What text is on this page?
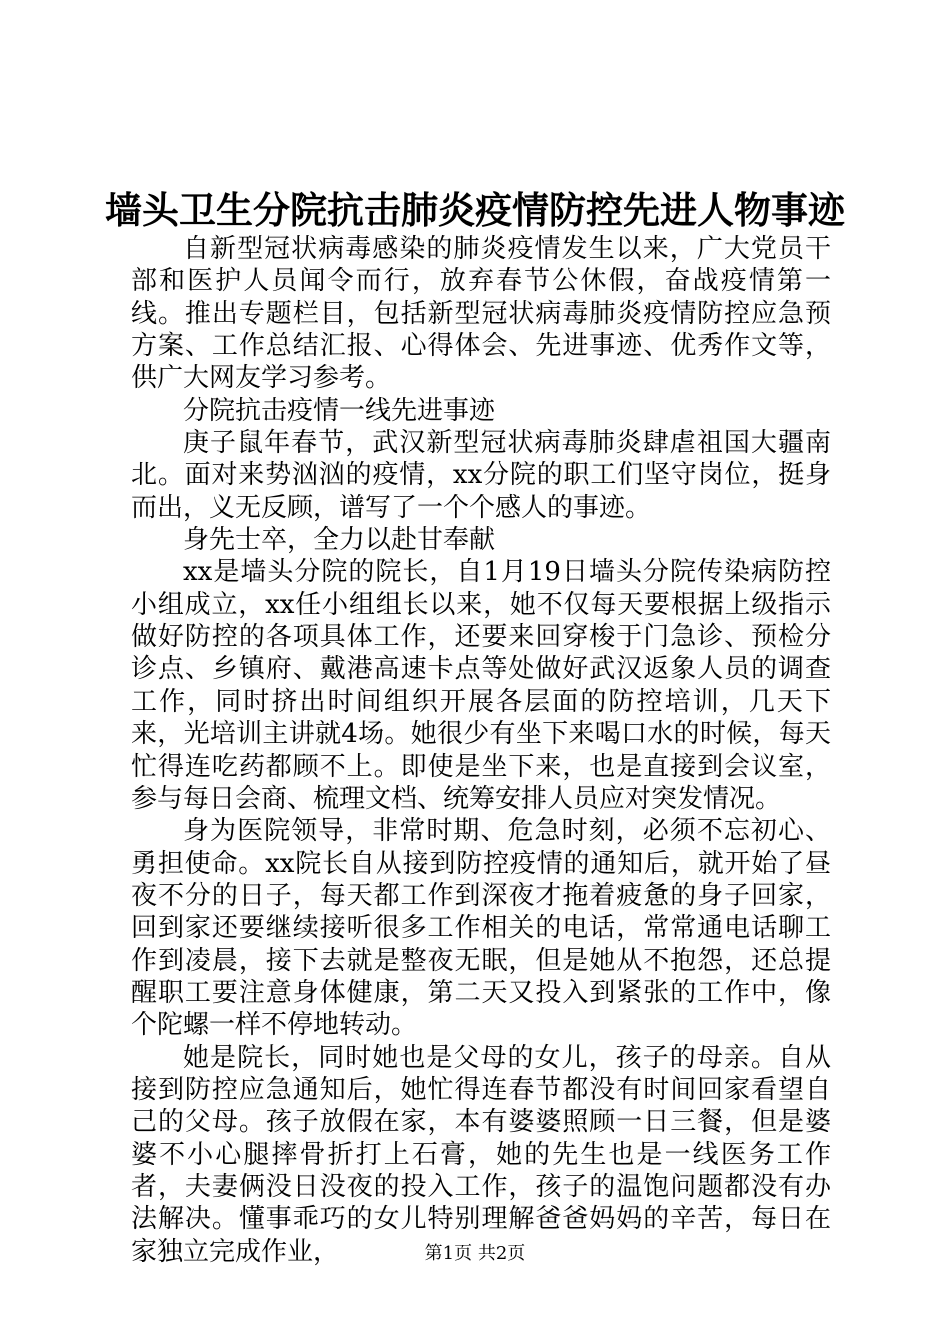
墙头卫生分院抗击肺炎疫情防控先进人物事迹

自新型冠状病毒感染的肺炎疫情发生以来，广大党员干部和医护人员闻令而行，放弃春节公休假，奋战疫情第一线。推出专题栏目，包括新型冠状病毒肺炎疫情防控应急预方案、工作总结汇报、心得体会、先进事迹、优秀作文等，供广大网友学习参考。

分院抗击疫情一线先进事迹

庚子鼠年春节，武汉新型冠状病毒肺炎肆虐祖国大疆南北。面对来势汹汹的疫情，xx分院的职工们坚守岗位，挺身而出，义无反顾，谱写了一个个感人的事迹。

身先士卒，全力以赴甘奉献

xx是墙头分院的院长，自1月19日墙头分院传染病防控小组成立，xx任小组组长以来，她不仅每天要根据上级指示做好防控的各项具体工作，还要来回穿梭于门急诊、预检分诊点、乡镇府、戴港高速卡点等处做好武汉返象人员的调查工作，同时挤出时间组织开展各层面的防控培训，几天下来，光培训主讲就4场。她很少有坐下来喝口水的时候，每天忙得连吃药都顾不上。即使是坐下来，也是直接到会议室，参与每日会商、梳理文档、统筹安排人员应对突发情况。

身为医院领导，非常时期、危急时刻，必须不忘初心、勇担使命。xx院长自从接到防控疫情的通知后，就开始了昼夜不分的日子，每天都工作到深夜才拖着疲惫的身子回家，回到家还要继续接听很多工作相关的电话，常常通电话聊工作到凌晨，接下去就是整夜无眠，但是她从不抱怨，还总提醒职工要注意身体健康，第二天又投入到紧张的工作中，像个陀螺一样不停地转动。

她是院长，同时她也是父母的女儿，孩子的母亲。自从接到防控应急通知后，她忙得连春节都没有时间回家看望自己的父母。孩子放假在家，本有婆婆照顾一日三餐，但是婆婆不小心腿摔骨折打上石膏，她的先生也是一线医务工作者，夫妻俩没日没夜的投入工作，孩子的温饱问题都没有办法解决。懂事乖巧的女儿特别理解爸爸妈妈的辛苦，每日在家独立完成作业，	第1页 共2页
